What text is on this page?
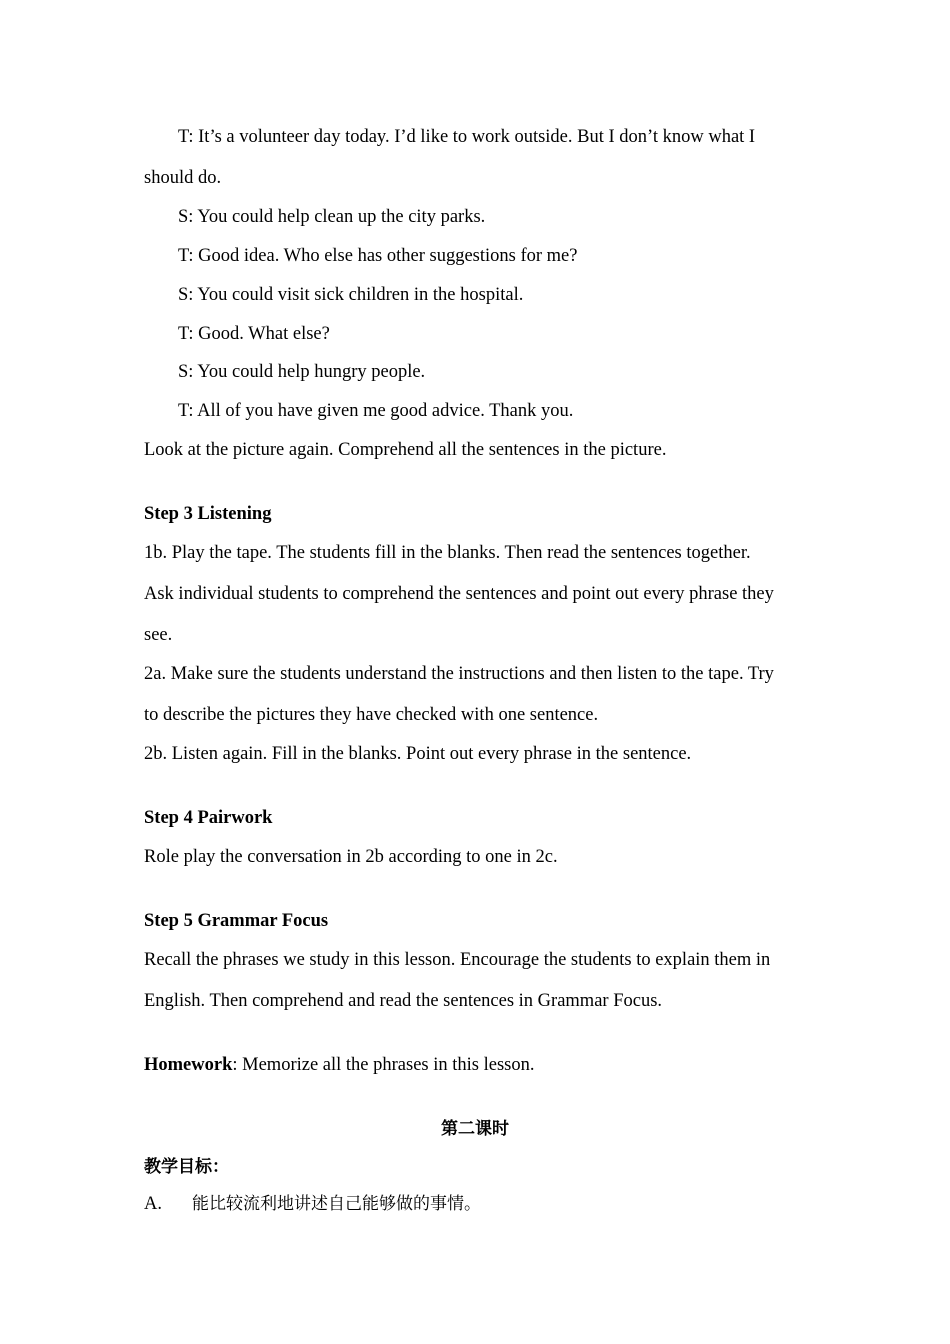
T: It’s a volunteer day today. I’d like to work outside. But I don’t know what I
should do.
S: You could help clean up the city parks.
T: Good idea. Who else has other suggestions for me?
S: You could visit sick children in the hospital.
T: Good. What else?
S: You could help hungry people.
T: All of you have given me good advice. Thank you.
Look at the picture again. Comprehend all the sentences in the picture.
Step 3 Listening
1b. Play the tape. The students fill in the blanks. Then read the sentences together.
Ask individual students to comprehend the sentences and point out every phrase they
see.
2a. Make sure the students understand the instructions and then listen to the tape. Try
to describe the pictures they have checked with one sentence.
2b. Listen again. Fill in the blanks. Point out every phrase in the sentence.
Step 4 Pairwork
Role play the conversation in 2b according to one in 2c.
Step 5 Grammar Focus
Recall the phrases we study in this lesson. Encourage the students to explain them in
English. Then comprehend and read the sentences in Grammar Focus.
Homework: Memorize all the phrases in this lesson.
第二课时
教学目标：
A. 能比较流利地讲述自己能够做的事情。
